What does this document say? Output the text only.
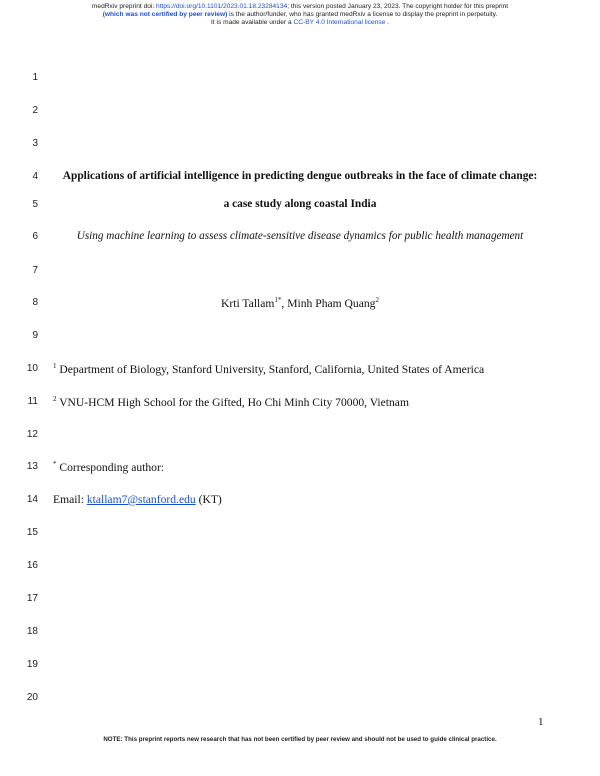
medRxiv preprint doi: https://doi.org/10.1101/2023.01.18.23284134; this version posted January 23, 2023. The copyright holder for this preprint
(which was not certified by peer review) is the author/funder, who has granted medRxiv a license to display the preprint in perpetuity.
It is made available under a CC-BY 4.0 International license .
1
2
3
4
5
6
7
8
9
10
11
12
13
14
15
16
17
18
19
20
Applications of artificial intelligence in predicting dengue outbreaks in the face of climate change:
a case study along coastal India
Using machine learning to assess climate-sensitive disease dynamics for public health management
Krti Tallam$^{1*}$, Minh Pham Quang$^2$
$^1$ Department of Biology, Stanford University, Stanford, California, United States of America
$^2$ VNU-HCM High School for the Gifted, Ho Chi Minh City 70000, Vietnam
* Corresponding author:
Email: ktallam7@stanford.edu (KT)
1
NOTE: This preprint reports new research that has not been certified by peer review and should not be used to guide clinical practice.
